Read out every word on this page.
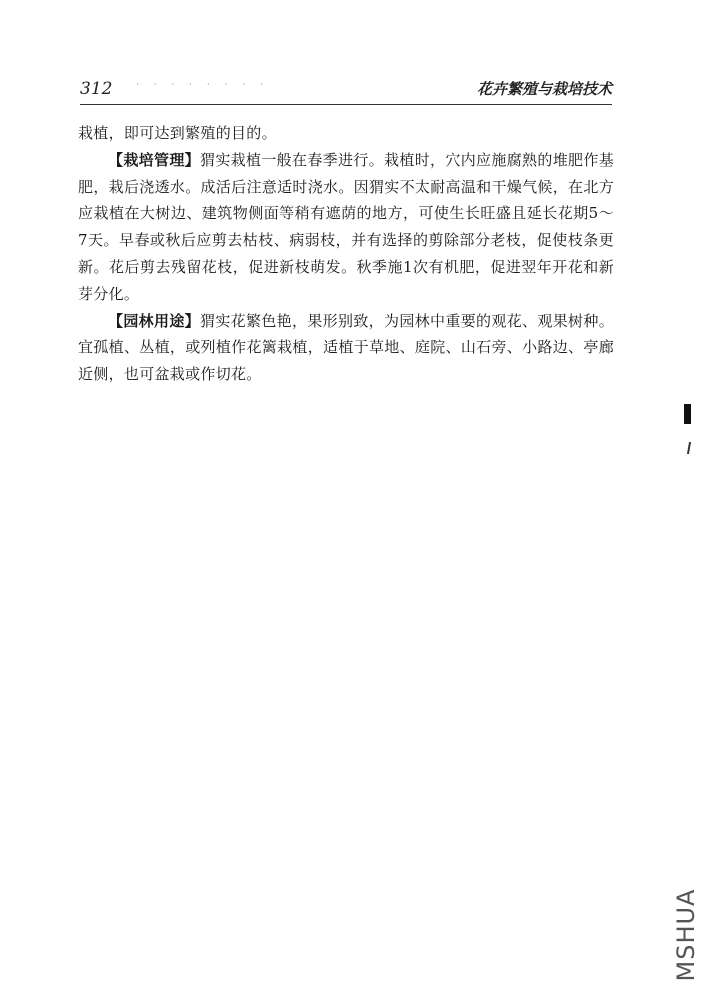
312	· · · · · · · ·	花卉繁殖与栽培技术

栽植，即可达到繁殖的目的。

【栽培管理】猬实栽植一般在春季进行。栽植时，穴内应施腐熟的堆肥作基肥，栽后浇透水。成活后注意适时浇水。因猬实不太耐高温和干燥气候，在北方应栽植在大树边、建筑物侧面等稍有遮荫的地方，可使生长旺盛且延长花期5～7天。早春或秋后应剪去枯枝、病弱枝，并有选择的剪除部分老枝，促使枝条更新。花后剪去残留花枝，促进新枝萌发。秋季施1次有机肥，促进翌年开花和新芽分化。

【园林用途】猬实花繁色艳，果形别致，为园林中重要的观花、观果树种。宜孤植、丛植，或列植作花篱栽植，适植于草地、庭院、山石旁、小路边、亭廊近侧，也可盆栽或作切花。

MSHUA
